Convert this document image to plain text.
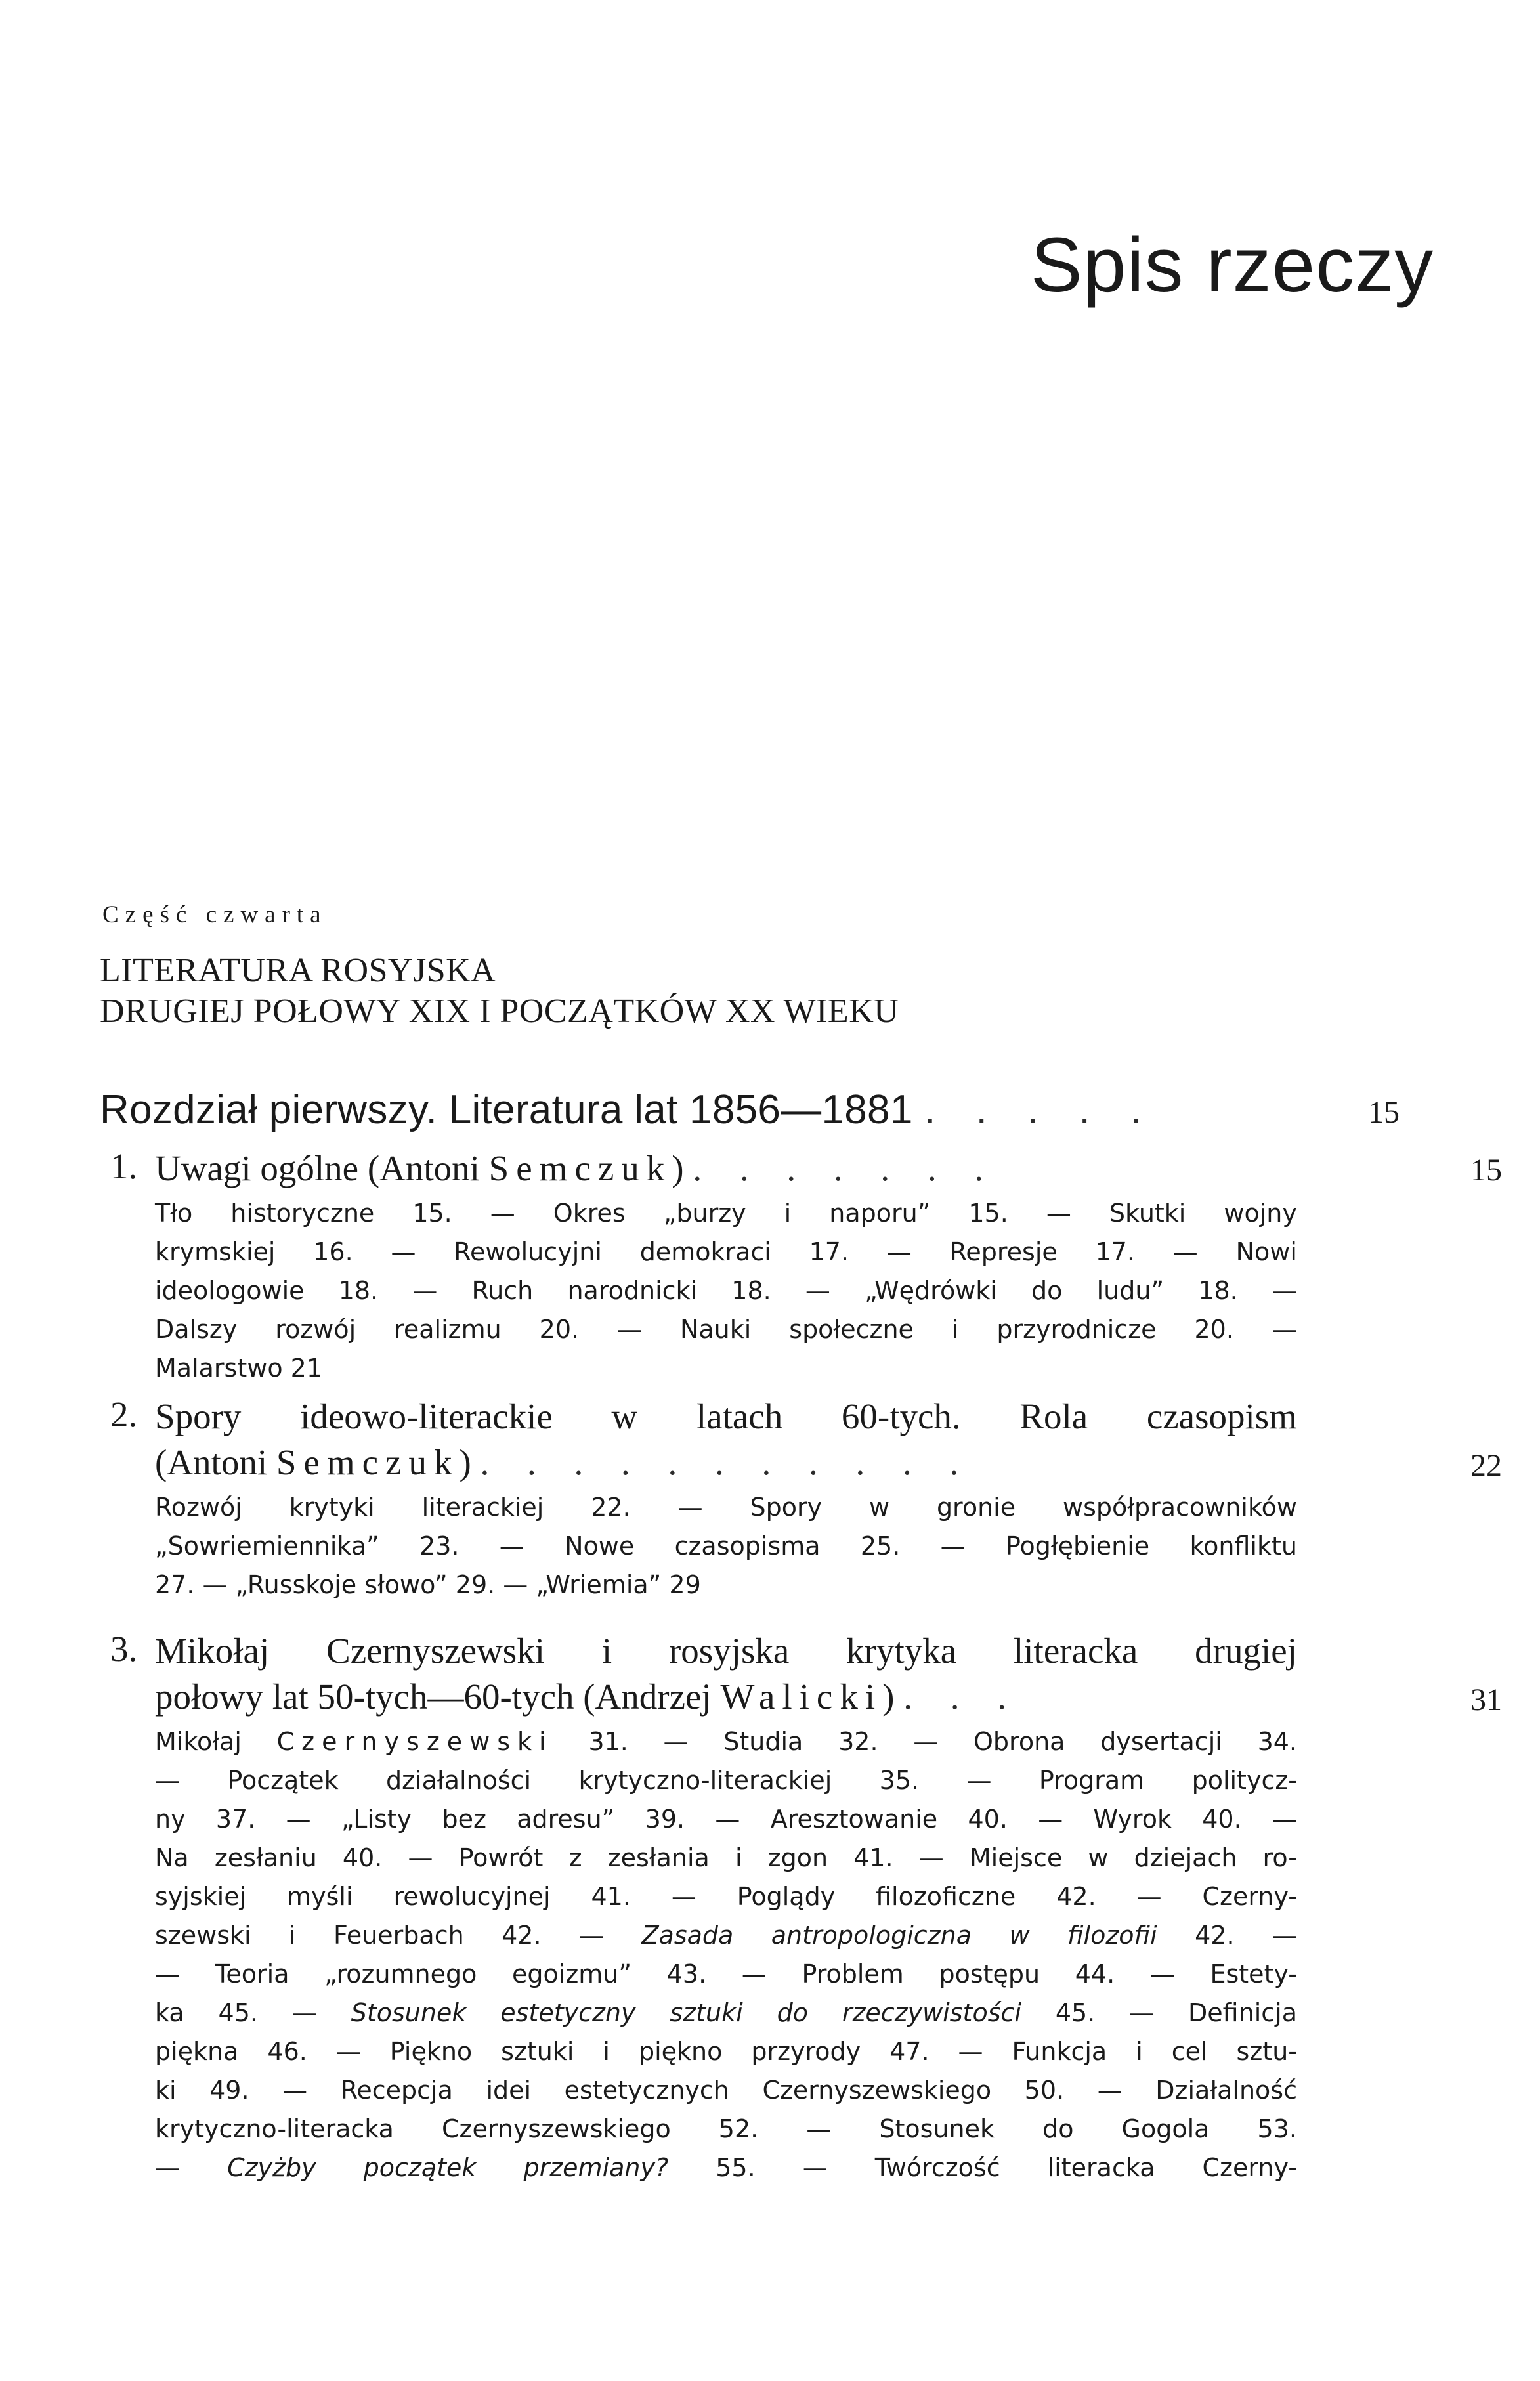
Spis rzeczy
Część czwarta
LITERATURA ROSYJSKA
DRUGIEJ POŁOWY XIX I POCZĄTKÓW XX WIEKU
Rozdział pierwszy. Literatura lat 1856—1881 . . . . .	15
1. Uwagi ogólne (Antoni Semczuk) . . . . . . .	15
Tło historyczne 15. — Okres „burzy i naporu” 15. — Skutki wojny
krymskiej 16. — Rewolucyjni demokraci 17. — Represje 17. — Nowi
ideologowie 18. — Ruch narodnicki 18. — „Wędrówki do ludu” 18. —
Dalszy rozwój realizmu 20. — Nauki społeczne i przyrodnicze 20. —
Malarstwo 21
2. Spory ideowo-literackie w latach 60-tych. Rola czasopism
(Antoni Semczuk) . . . . . . . . . . .	22
Rozwój krytyki literackiej 22. — Spory w gronie współpracowników
„Sowriemiennika” 23. — Nowe czasopisma 25. — Pogłębienie konfliktu
27. — „Russkoje słowo” 29. — „Wriemia” 29
3. Mikołaj Czernyszewski i rosyjska krytyka literacka drugiej
połowy lat 50-tych—60-tych (Andrzej Walicki) . . .	31
Mikołaj Czernyszewski 31. — Studia 32. — Obrona dysertacji 34.
— Początek działalności krytyczno-literackiej 35. — Program politycz-
ny 37. — „Listy bez adresu” 39. — Aresztowanie 40. — Wyrok 40. —
Na zesłaniu 40. — Powrót z zesłania i zgon 41. — Miejsce w dziejach ro-
syjskiej myśli rewolucyjnej 41. — Poglądy filozoficzne 42. — Czerny-
szewski i Feuerbach 42. — Zasada antropologiczna w filozofii 42. —
— Teoria „rozumnego egoizmu” 43. — Problem postępu 44. — Estety-
ka 45. — Stosunek estetyczny sztuki do rzeczywistości 45. — Definicja
piękna 46. — Piękno sztuki i piękno przyrody 47. — Funkcja i cel sztu-
ki 49. — Recepcja idei estetycznych Czernyszewskiego 50. — Działalność
krytyczno-literacka Czernyszewskiego 52. — Stosunek do Gogola 53.
— Czyżby początek przemiany? 55. — Twórczość literacka Czerny-
